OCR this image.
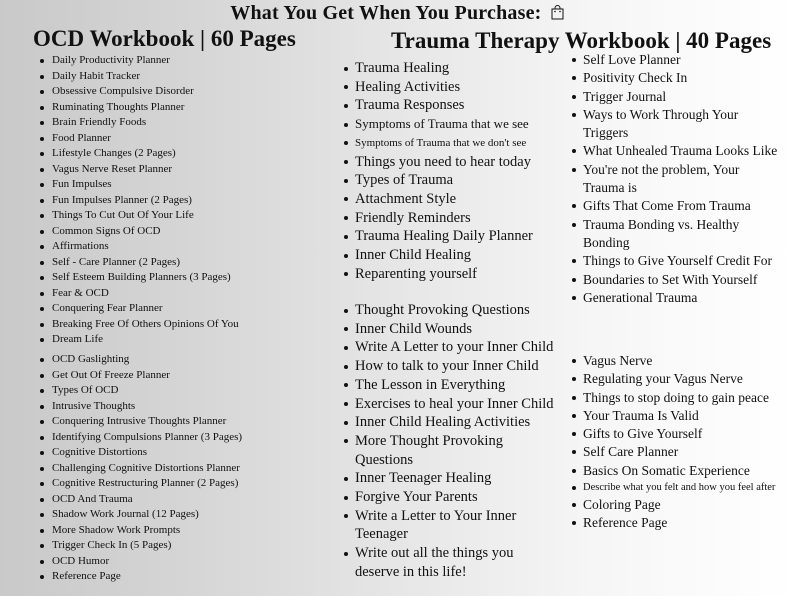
What You Get When You Purchase:
OCD Workbook | 60 Pages	Trauma Therapy Workbook | 40 Pages
Daily Productivity Planner
Daily Habit Tracker
Obsessive Compulsive Disorder
Ruminating Thoughts Planner
Brain Friendly Foods
Food Planner
Lifestyle Changes (2 Pages)
Vagus Nerve Reset Planner
Fun Impulses
Fun Impulses Planner (2 Pages)
Things To Cut Out Of Your Life
Common Signs Of OCD
Affirmations
Self - Care Planner (2 Pages)
Self Esteem Building Planners (3 Pages)
Fear & OCD
Conquering Fear Planner
Breaking Free Of Others Opinions Of You
Dream Life
OCD Gaslighting
Get Out Of Freeze Planner
Types Of OCD
Intrusive Thoughts
Conquering Intrusive Thoughts Planner
Identifying Compulsions Planner (3 Pages)
Cognitive Distortions
Challenging Cognitive Distortions Planner
Cognitive Restructuring Planner (2 Pages)
OCD And Trauma
Shadow Work Journal (12 Pages)
More Shadow Work Prompts
Trigger Check In (5 Pages)
OCD Humor
Reference Page
Trauma Healing
Healing Activities
Trauma Responses
Symptoms of Trauma that we see
Symptoms of Trauma that we don't see
Things you need to hear today
Types of Trauma
Attachment Style
Friendly Reminders
Trauma Healing Daily Planner
Inner Child Healing
Reparenting yourself
Thought Provoking Questions
Inner Child Wounds
Write A Letter to your Inner Child
How to talk to your Inner Child
The Lesson in Everything
Exercises to heal your Inner Child
Inner Child Healing Activities
More Thought Provoking Questions
Inner Teenager Healing
Forgive Your Parents
Write a Letter to Your Inner Teenager
Write out all the things you deserve in this life!
Self Love Planner
Positivity Check In
Trigger Journal
Ways to Work Through Your Triggers
What Unhealed Trauma Looks Like
You're not the problem, Your Trauma is
Gifts That Come From Trauma
Trauma Bonding vs. Healthy Bonding
Things to Give Yourself Credit For
Boundaries to Set With Yourself
Generational Trauma
Vagus Nerve
Regulating your Vagus Nerve
Things to stop doing to gain peace
Your Trauma Is Valid
Gifts to Give Yourself
Self Care Planner
Basics On Somatic Experience
Describe what you felt and how you feel after
Coloring Page
Reference Page
